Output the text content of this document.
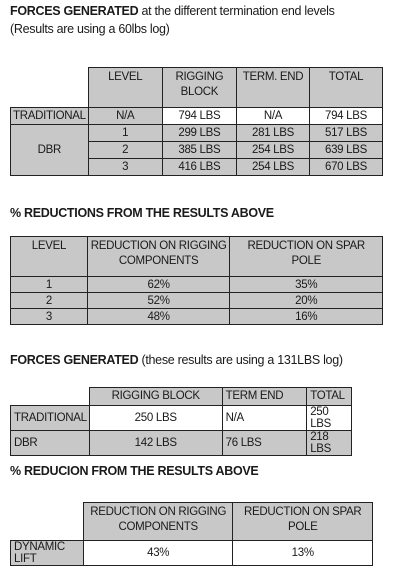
FORCES GENERATED at the different termination end levels
(Results are using a 60lbs log)
	LEVEL	RIGGING BLOCK	TERM. END	TOTAL
TRADITIONAL	N/A	794 LBS	N/A	794 LBS
DBR	1	299 LBS	281 LBS	517 LBS
	2	385 LBS	254 LBS	639 LBS
	3	416 LBS	254 LBS	670 LBS
% REDUCTIONS FROM THE RESULTS ABOVE
LEVEL	REDUCTION ON RIGGING COMPONENTS	REDUCTION ON SPAR POLE
1	62%	35%
2	52%	20%
3	48%	16%
FORCES GENERATED (these results are using a 131LBS log)
	RIGGING BLOCK	TERM END	TOTAL
TRADITIONAL	250 LBS	N/A	250 LBS
DBR	142 LBS	76 LBS	218 LBS
% REDUCION FROM THE RESULTS ABOVE
	REDUCTION ON RIGGING COMPONENTS	REDUCTION ON SPAR POLE
DYNAMIC LIFT	43%	13%
